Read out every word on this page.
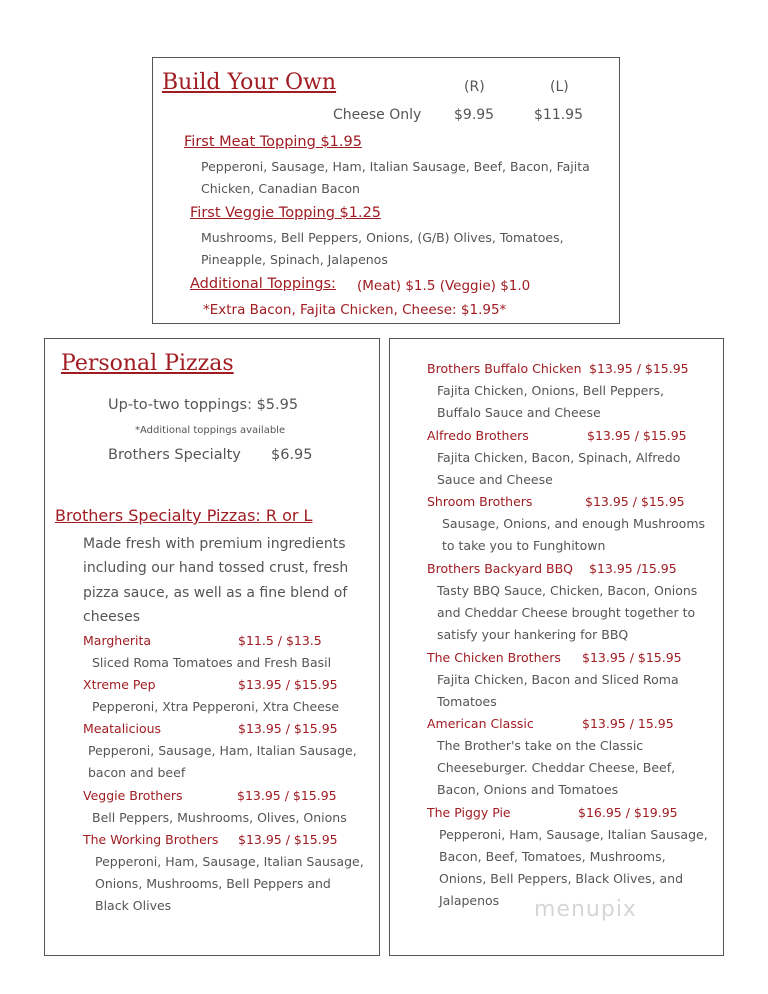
Build Your Own	(R)	(L)
Cheese Only $9.95	$11.95
First Meat Topping $1.95
Pepperoni, Sausage, Ham, Italian Sausage, Beef, Bacon, Fajita
Chicken, Canadian Bacon
First Veggie Topping $1.25
Mushrooms, Bell Peppers, Onions, (G/B) Olives, Tomatoes,
Pineapple, Spinach, Jalapenos
Additional Toppings: (Meat) $1.5 (Veggie) $1.0
*Extra Bacon, Fajita Chicken, Cheese: $1.95*
Personal Pizzas
Up-to-two toppings: $5.95
*Additional toppings available
Brothers Specialty $6.95
Brothers Specialty Pizzas: R or L
Made fresh with premium ingredients
including our hand tossed crust, fresh
pizza sauce, as well as a fine blend of
cheeses
Margherita	$11.5 / $13.5
Sliced Roma Tomatoes and Fresh Basil
Xtreme Pep	$13.95 / $15.95
Pepperoni, Xtra Pepperoni, Xtra Cheese
Meatalicious	$13.95 / $15.95
Pepperoni, Sausage, Ham, Italian Sausage,
bacon and beef
Veggie Brothers	$13.95 / $15.95
Bell Peppers, Mushrooms, Olives, Onions
The Working Brothers $13.95 / $15.95
Pepperoni, Ham, Sausage, Italian Sausage,
Onions, Mushrooms, Bell Peppers and
Black Olives
Brothers Buffalo Chicken $13.95 / $15.95
Fajita Chicken, Onions, Bell Peppers,
Buffalo Sauce and Cheese
Alfredo Brothers	$13.95 / $15.95
Fajita Chicken, Bacon, Spinach, Alfredo
Sauce and Cheese
Shroom Brothers	$13.95 / $15.95
Sausage, Onions, and enough Mushrooms
to take you to Funghitown
Brothers Backyard BBQ $13.95 /15.95
Tasty BBQ Sauce, Chicken, Bacon, Onions
and Cheddar Cheese brought together to
satisfy your hankering for BBQ
The Chicken Brothers $13.95 / $15.95
Fajita Chicken, Bacon and Sliced Roma
Tomatoes
American Classic	$13.95 / 15.95
The Brother's take on the Classic
Cheeseburger. Cheddar Cheese, Beef,
Bacon, Onions and Tomatoes
The Piggy Pie	$16.95 / $19.95
Pepperoni, Ham, Sausage, Italian Sausage,
Bacon, Beef, Tomatoes, Mushrooms,
Onions, Bell Peppers, Black Olives, and
Jalapenos menupix
